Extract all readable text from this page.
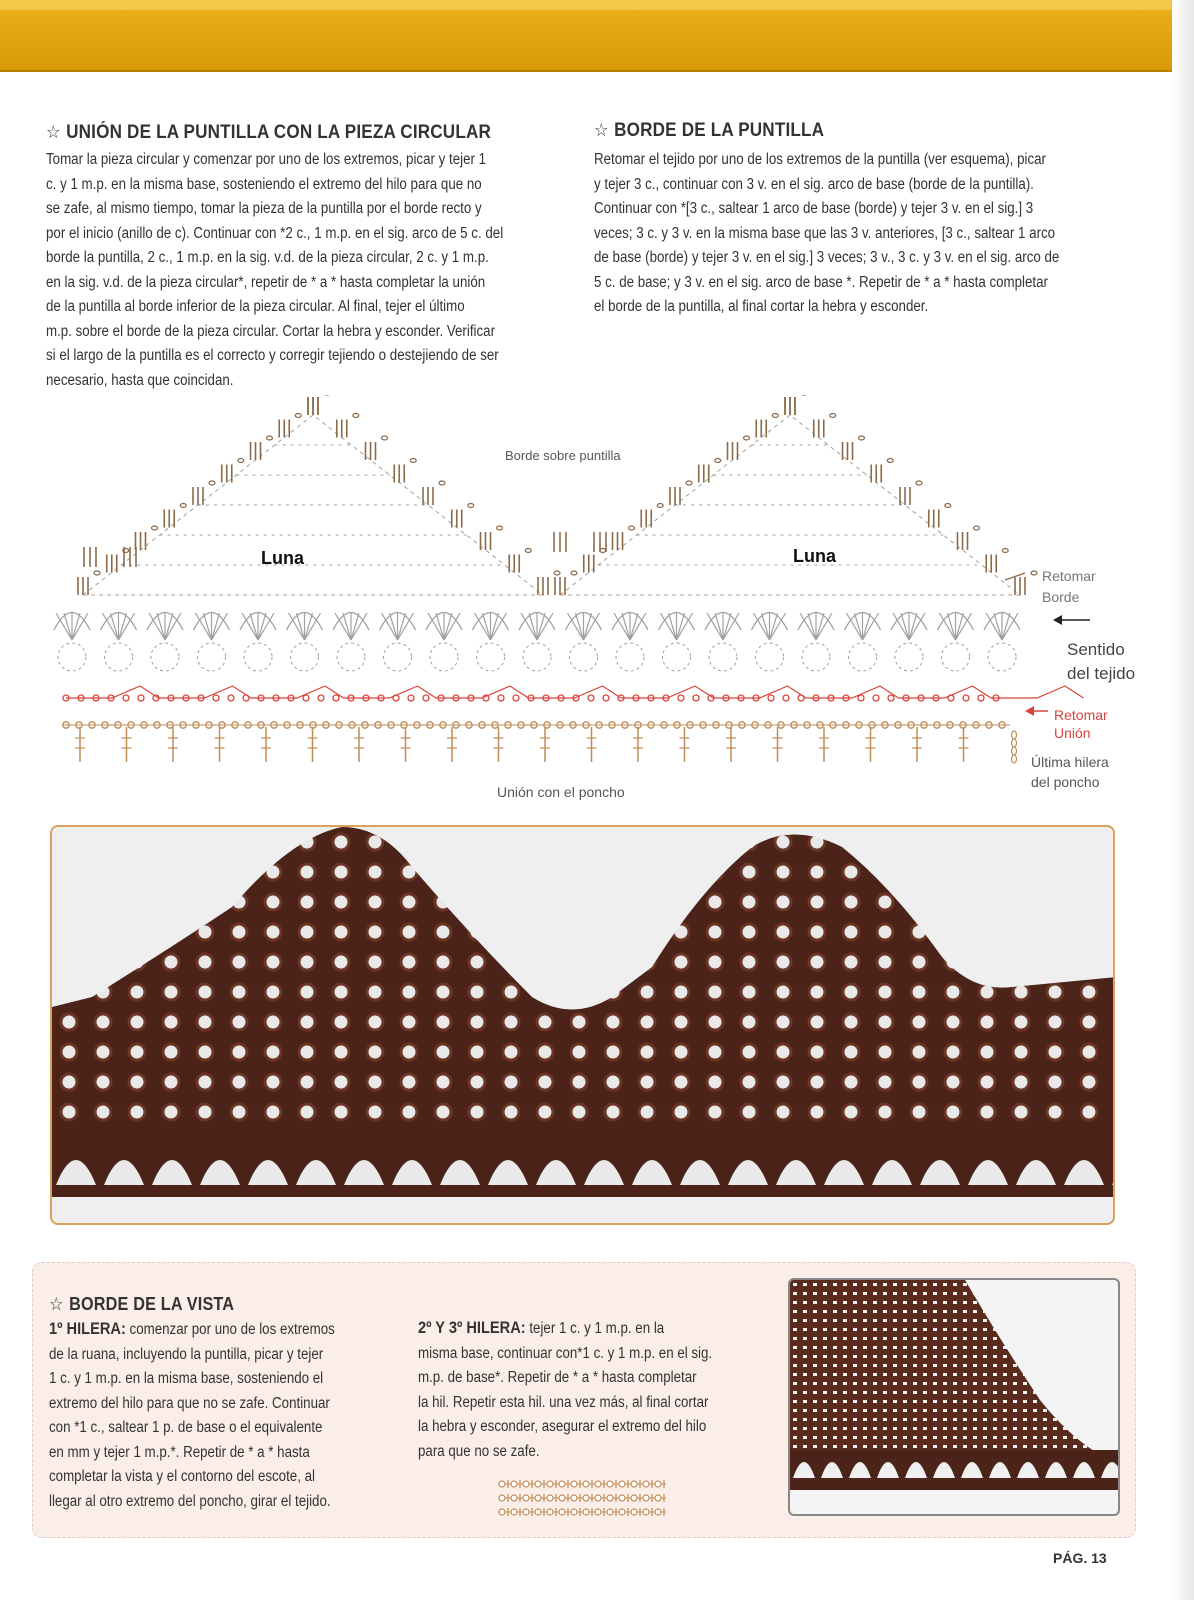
☆ UNIÓN DE LA PUNTILLA CON LA PIEZA CIRCULAR
Tomar la pieza circular y comenzar por uno de los extremos, picar y tejer 1
c. y 1 m.p. en la misma base, sosteniendo el extremo del hilo para que no
se zafe, al mismo tiempo, tomar la pieza de la puntilla por el borde recto y
por el inicio (anillo de c). Continuar con *2 c., 1 m.p. en el sig. arco de 5 c. del
borde la puntilla, 2 c., 1 m.p. en la sig. v.d. de la pieza circular, 2 c. y 1 m.p.
en la sig. v.d. de la pieza circular*, repetir de * a * hasta completar la unión
de la puntilla al borde inferior de la pieza circular. Al final, tejer el último
m.p. sobre el borde de la pieza circular. Cortar la hebra y esconder. Verificar
si el largo de la puntilla es el correcto y corregir tejiendo o destejiendo de ser
necesario, hasta que coincidan.
☆ BORDE DE LA PUNTILLA
Retomar el tejido por uno de los extremos de la puntilla (ver esquema), picar
y tejer 3 c., continuar con 3 v. en el sig. arco de base (borde de la puntilla).
Continuar con *[3 c., saltear 1 arco de base (borde) y tejer 3 v. en el sig.] 3
veces; 3 c. y 3 v. en la misma base que las 3 v. anteriores, [3 c., saltear 1 arco
de base (borde) y tejer 3 v. en el sig.] 3 veces; 3 v., 3 c. y 3 v. en el sig. arco de
5 c. de base; y 3 v. en el sig. arco de base *. Repetir de * a * hasta completar
el borde de la puntilla, al final cortar la hebra y esconder.
Borde sobre puntilla
Luna	Luna
Retomar
Borde
Sentido
del tejido
Retomar
Unión
Última hilera
del poncho
Unión con el poncho
☆ BORDE DE LA VISTA
1º HILERA: comenzar por uno de los extremos
de la ruana, incluyendo la puntilla, picar y tejer
1 c. y 1 m.p. en la misma base, sosteniendo el
extremo del hilo para que no se zafe. Continuar
con *1 c., saltear 1 p. de base o el equivalente
en mm y tejer 1 m.p.*. Repetir de * a * hasta
completar la vista y el contorno del escote, al
llegar al otro extremo del poncho, girar el tejido.
2º Y 3º HILERA: tejer 1 c. y 1 m.p. en la
misma base, continuar con*1 c. y 1 m.p. en el sig.
m.p. de base*. Repetir de * a * hasta completar
la hil. Repetir esta hil. una vez más, al final cortar
la hebra y esconder, asegurar el extremo del hilo
para que no se zafe.
PÁG. 13
